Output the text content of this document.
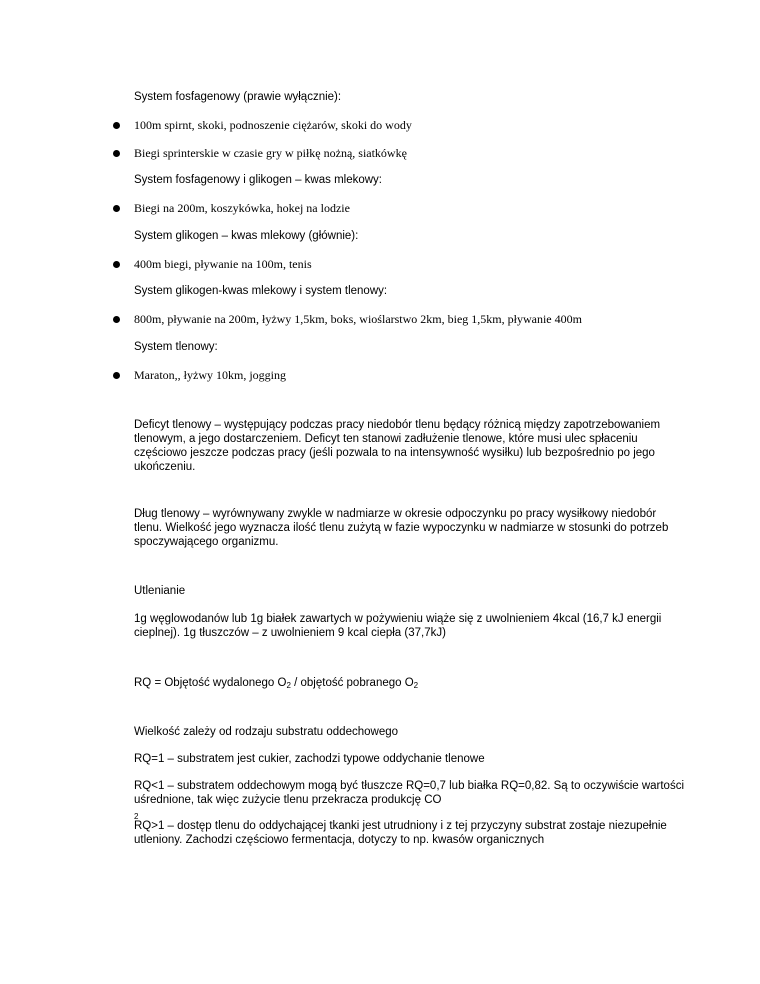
System fosfagenowy (prawie wyłącznie):
100m spirnt, skoki, podnoszenie ciężarów, skoki do wody
Biegi sprinterskie w czasie gry w piłkę nożną, siatkówkę
System fosfagenowy i glikogen – kwas mlekowy:
Biegi na 200m, koszykówka, hokej na lodzie
System glikogen – kwas mlekowy (głównie):
400m biegi, pływanie na 100m, tenis
System glikogen-kwas mlekowy i system tlenowy:
800m, pływanie na 200m, łyżwy 1,5km, boks, wioślarstwo 2km, bieg 1,5km, pływanie 400m
System tlenowy:
Maraton,, łyżwy 10km, jogging
Deficyt tlenowy – występujący podczas pracy niedobór tlenu będący różnicą między zapotrzebowaniem
tlenowym, a jego dostarczeniem. Deficyt ten stanowi zadłużenie tlenowe, które musi ulec spłaceniu
częściowo jeszcze podczas pracy (jeśli pozwala to na intensywność wysiłku) lub bezpośrednio po jego
ukończeniu.
Dług tlenowy – wyrównywany zwykle w nadmiarze w okresie odpoczynku po pracy wysiłkowy niedobór
tlenu. Wielkość jego wyznacza ilość tlenu zużytą w fazie wypoczynku w nadmiarze w stosunki do potrzeb
spoczywającego organizmu.
Utlenianie
1g węglowodanów lub 1g białek zawartych w pożywieniu wiąże się z uwolnieniem 4kcal (16,7 kJ energii
cieplnej). 1g tłuszczów – z uwolnieniem 9 kcal ciepła (37,7kJ)
RQ = Objętość wydalonego $O_2$ / objętość pobranego $O_2$
Wielkość zależy od rodzaju substratu oddechowego
RQ=1 – substratem jest cukier, zachodzi typowe oddychanie tlenowe
RQ<1 – substratem oddechowym mogą być tłuszcze RQ=0,7 lub białka RQ=0,82. Są to oczywiście wartości
uśrednione, tak więc zużycie tlenu przekracza produkcję CO
$_2$
RQ>1 – dostęp tlenu do oddychającej tkanki jest utrudniony i z tej przyczyny substrat zostaje niezupełnie
utleniony. Zachodzi częściowo fermentacja, dotyczy to np. kwasów organicznych
